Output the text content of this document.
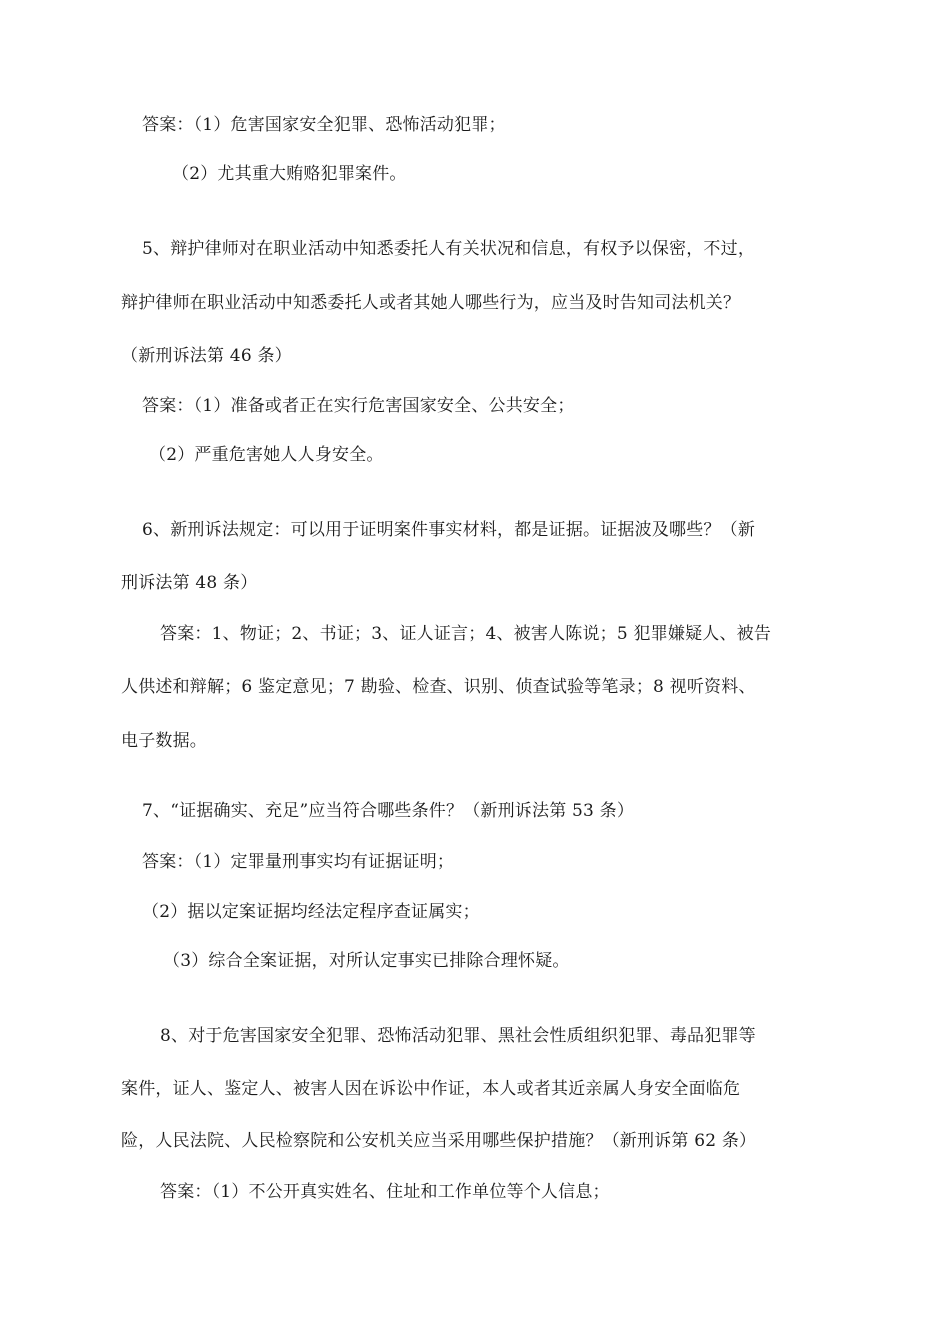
答案：（1）危害国家安全犯罪、恐怖活动犯罪；
（2）尤其重大贿赂犯罪案件。
5、辩护律师对在职业活动中知悉委托人有关状况和信息，有权予以保密，不过，
辩护律师在职业活动中知悉委托人或者其她人哪些行为，应当及时告知司法机关？
（新刑诉法第 46 条）
答案：（1）准备或者正在实行危害国家安全、公共安全；
（2）严重危害她人人身安全。
6、新刑诉法规定：可以用于证明案件事实材料，都是证据。证据波及哪些？（新
刑诉法第 48 条）
答案：1、物证；2、书证；3、证人证言；4、被害人陈说；5 犯罪嫌疑人、被告
人供述和辩解；6 鉴定意见；7 勘验、检查、识别、侦查试验等笔录；8 视听资料、
电子数据。
7、“证据确实、充足”应当符合哪些条件？（新刑诉法第 53 条）
答案：（1）定罪量刑事实均有证据证明；
（2）据以定案证据均经法定程序查证属实；
（3）综合全案证据，对所认定事实已排除合理怀疑。
8、对于危害国家安全犯罪、恐怖活动犯罪、黑社会性质组织犯罪、毒品犯罪等
案件，证人、鉴定人、被害人因在诉讼中作证，本人或者其近亲属人身安全面临危
险，人民法院、人民检察院和公安机关应当采用哪些保护措施？（新刑诉第 62 条）
答案：（1）不公开真实姓名、住址和工作单位等个人信息；
